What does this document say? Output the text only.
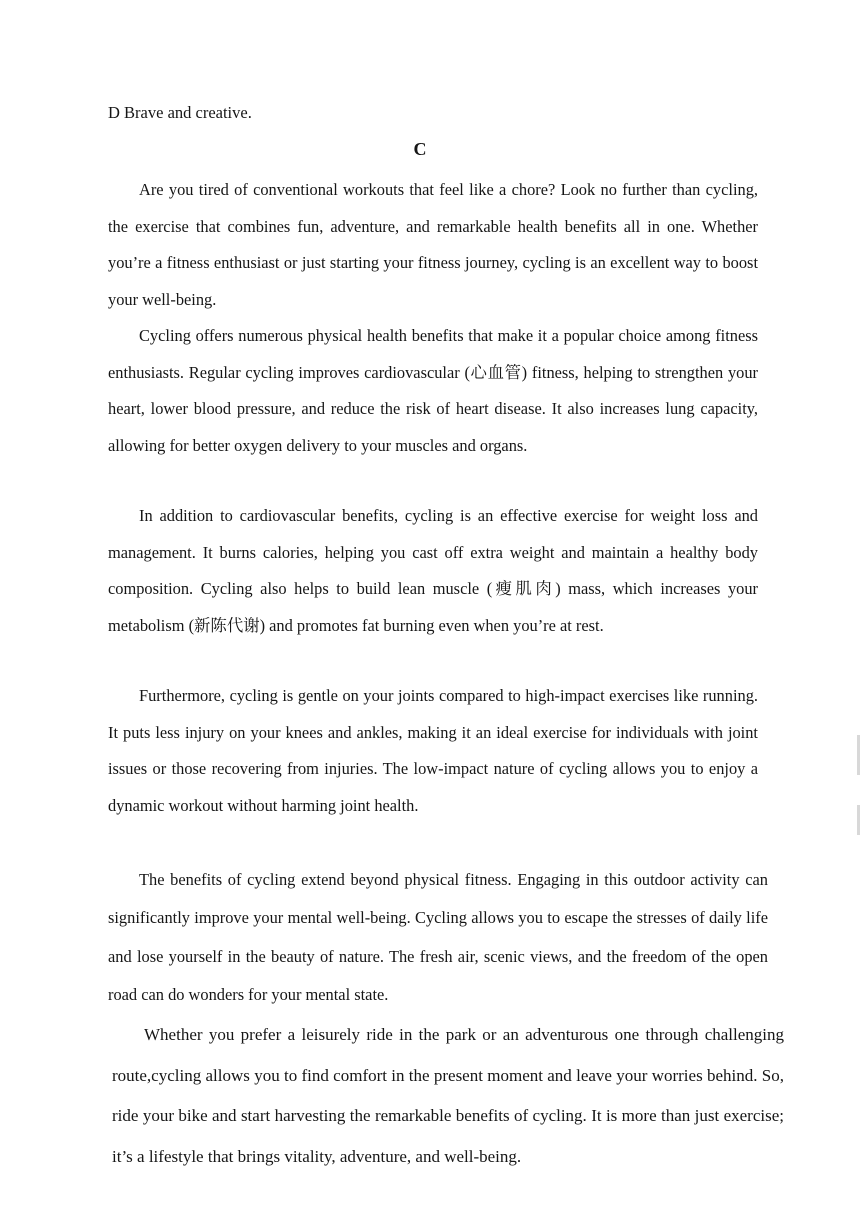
D Brave and creative.
C

Are you tired of conventional workouts that feel like a chore? Look no further than cycling, the exercise that combines fun, adventure, and remarkable health benefits all in one. Whether you’re a fitness enthusiast or just starting your fitness journey, cycling is an excellent way to boost your well-being.

Cycling offers numerous physical health benefits that make it a popular choice among fitness enthusiasts. Regular cycling improves cardiovascular (心血管) fitness, helping to strengthen your heart, lower blood pressure, and reduce the risk of heart disease. It also increases lung capacity, allowing for better oxygen delivery to your muscles and organs.

In addition to cardiovascular benefits, cycling is an effective exercise for weight loss and management. It burns calories, helping you cast off extra weight and maintain a healthy body composition. Cycling also helps to build lean muscle (瘦肌肉) mass, which increases your metabolism (新陈代谢) and promotes fat burning even when you’re at rest.

Furthermore, cycling is gentle on your joints compared to high-impact exercises like running. It puts less injury on your knees and ankles, making it an ideal exercise for individuals with joint issues or those recovering from injuries. The low-impact nature of cycling allows you to enjoy a dynamic workout without harming joint health.

The benefits of cycling extend beyond physical fitness. Engaging in this outdoor activity can significantly improve your mental well-being. Cycling allows you to escape the stresses of daily life and lose yourself in the beauty of nature. The fresh air, scenic views, and the freedom of the open road can do wonders for your mental state.

Whether you prefer a leisurely ride in the park or an adventurous one through challenging route,cycling allows you to find comfort in the present moment and leave your worries behind. So, ride your bike and start harvesting the remarkable benefits of cycling. It is more than just exercise; it’s a lifestyle that brings vitality, adventure, and well-being.
